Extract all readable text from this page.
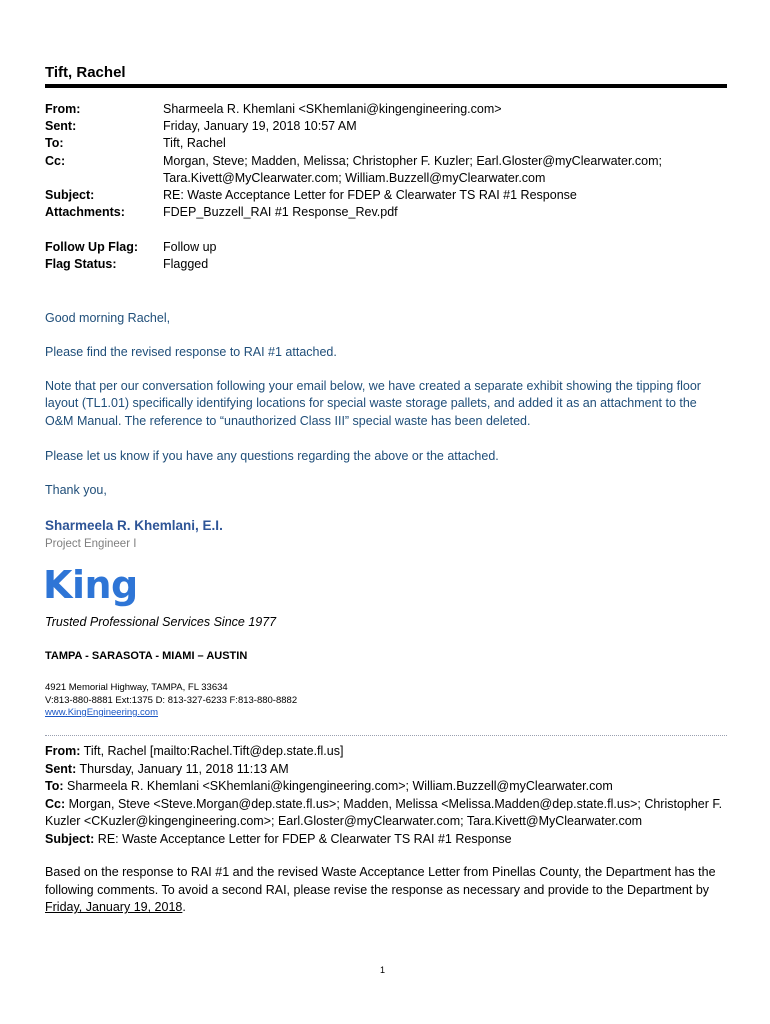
Tift, Rachel
From:	Sharmeela R. Khemlani <SKhemlani@kingengineering.com>
Sent:	Friday, January 19, 2018 10:57 AM
To:	Tift, Rachel
Cc:	Morgan, Steve; Madden, Melissa; Christopher F. Kuzler; Earl.Gloster@myClearwater.com;
Tara.Kivett@MyClearwater.com; William.Buzzell@myClearwater.com
Subject:	RE: Waste Acceptance Letter for FDEP & Clearwater TS RAI #1 Response
Attachments:	FDEP_Buzzell_RAI #1 Response_Rev.pdf
Follow Up Flag: Follow up
Flag Status:	Flagged
Good morning Rachel,
Please find the revised response to RAI #1 attached.
Note that per our conversation following your email below, we have created a separate exhibit showing the tipping floor layout (TL1.01) specifically identifying locations for special waste storage pallets, and added it as an attachment to the O&M Manual. The reference to “unauthorized Class III” special waste has been deleted.
Please let us know if you have any questions regarding the above or the attached.
Thank you,
Sharmeela R. Khemlani, E.I.
Project Engineer I
King
Trusted Professional Services Since 1977
TAMPA - SARASOTA - MIAMI – AUSTIN
4921 Memorial Highway, TAMPA, FL 33634
V:813-880-8881 Ext:1375 D: 813-327-6233 F:813-880-8882
www.KingEngineering.com
From: Tift, Rachel [mailto:Rachel.Tift@dep.state.fl.us]
Sent: Thursday, January 11, 2018 11:13 AM
To: Sharmeela R. Khemlani <SKhemlani@kingengineering.com>; William.Buzzell@myClearwater.com
Cc: Morgan, Steve <Steve.Morgan@dep.state.fl.us>; Madden, Melissa <Melissa.Madden@dep.state.fl.us>; Christopher F. Kuzler <CKuzler@kingengineering.com>; Earl.Gloster@myClearwater.com; Tara.Kivett@MyClearwater.com
Subject: RE: Waste Acceptance Letter for FDEP & Clearwater TS RAI #1 Response
Based on the response to RAI #1 and the revised Waste Acceptance Letter from Pinellas County, the Department has the following comments. To avoid a second RAI, please revise the response as necessary and provide to the Department by Friday, January 19, 2018.
1
